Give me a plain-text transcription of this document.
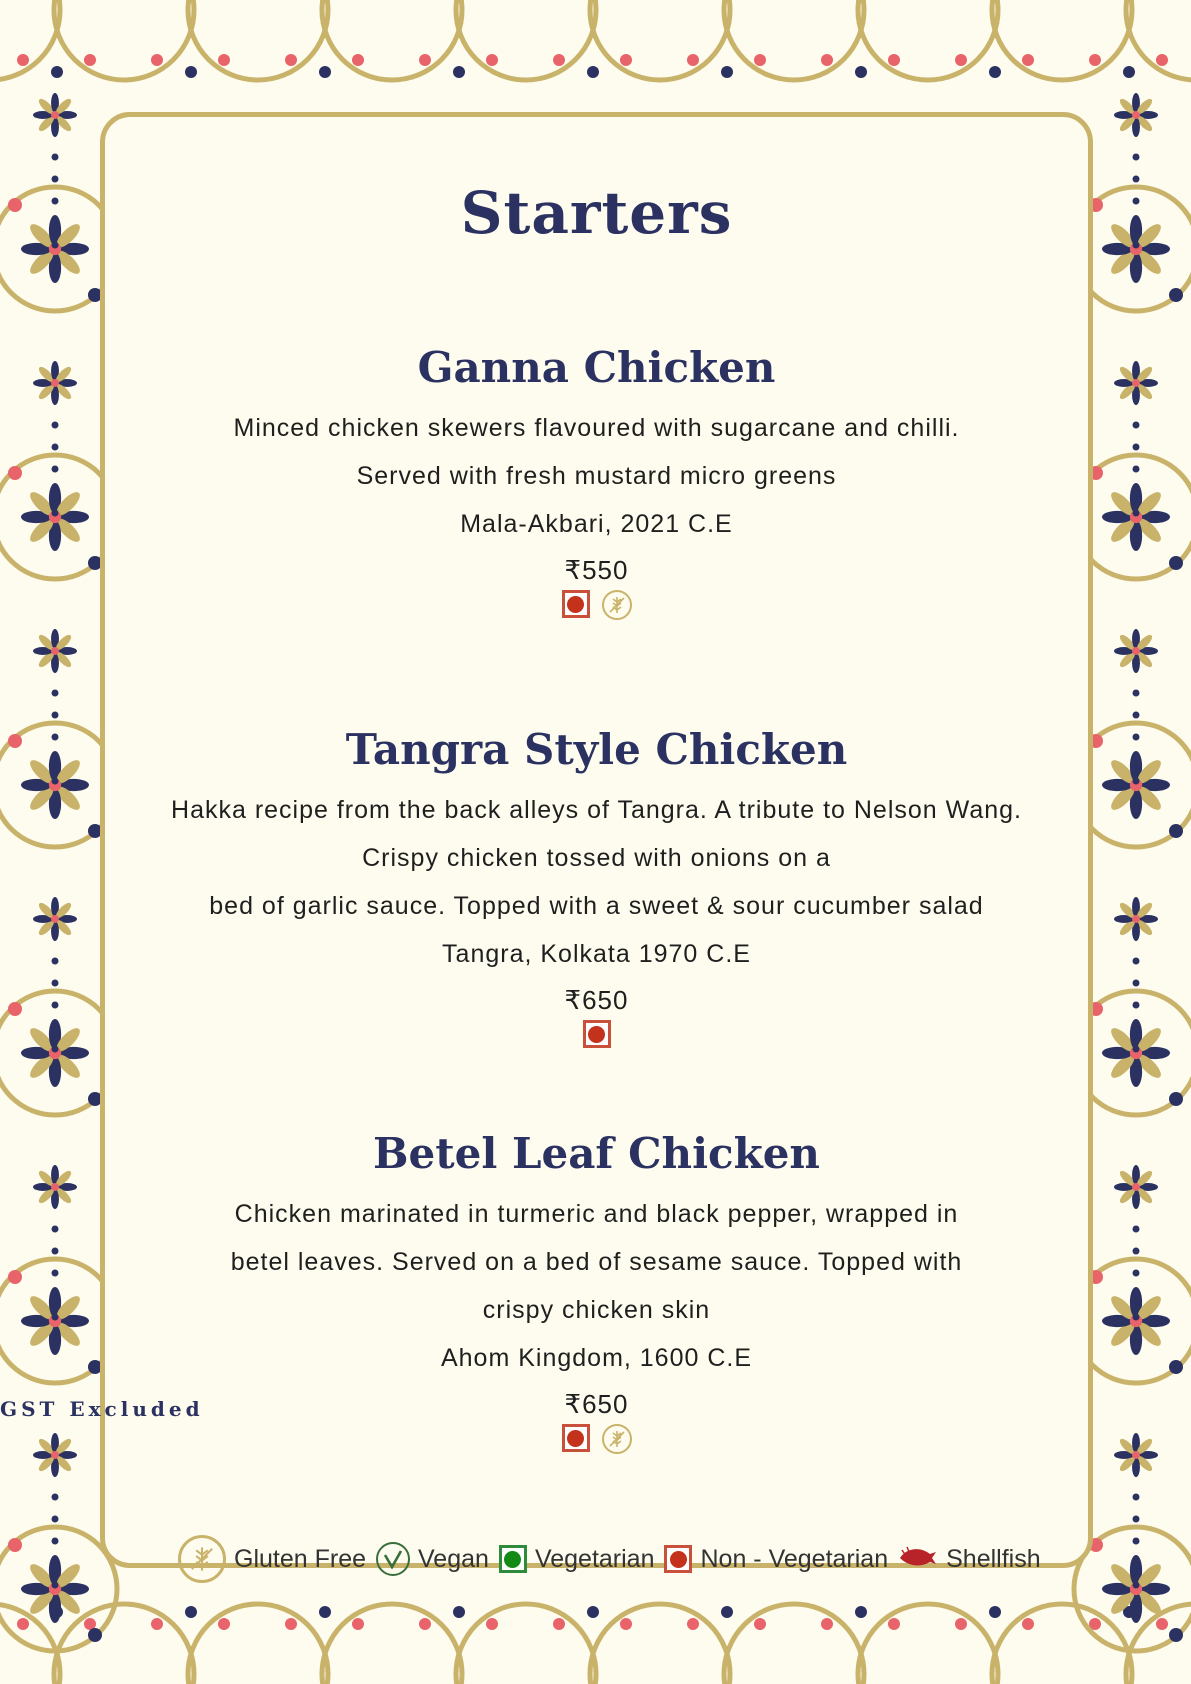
Starters
Ganna Chicken
Minced chicken skewers flavoured with sugarcane and chilli.
Served with fresh mustard micro greens
Mala-Akbari, 2021 C.E
₹550
Tangra Style Chicken
Hakka recipe from the back alleys of Tangra. A tribute to Nelson Wang.
Crispy chicken tossed with onions on a
bed of garlic sauce. Topped with a sweet & sour cucumber salad
Tangra, Kolkata 1970 C.E
₹650
Betel Leaf Chicken
Chicken marinated in turmeric and black pepper, wrapped in
betel leaves. Served on a bed of sesame sauce. Topped with
crispy chicken skin
Ahom Kingdom, 1600 C.E
₹650
GST Excluded
Gluten Free Vegan Vegetarian Non - Vegetarian Shellfish
